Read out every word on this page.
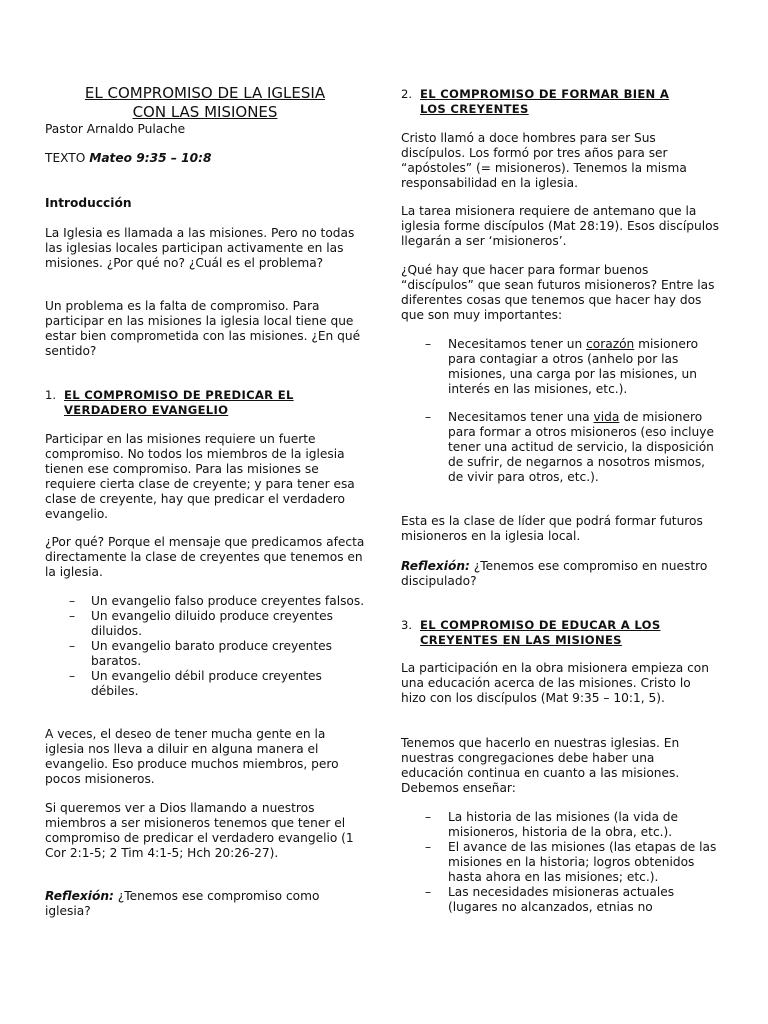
EL COMPROMISO DE LA IGLESIA
CON LAS MISIONES

Pastor Arnaldo Pulache

TEXTO Mateo 9:35 – 10:8

Introducción

La Iglesia es llamada a las misiones. Pero no todas las iglesias locales participan activamente en las misiones. ¿Por qué no? ¿Cuál es el problema?

Un problema es la falta de compromiso. Para participar en las misiones la iglesia local tiene que estar bien comprometida con las misiones. ¿En qué sentido?

1. EL COMPROMISO DE PREDICAR EL
VERDADERO EVANGELIO

Participar en las misiones requiere un fuerte compromiso. No todos los miembros de la iglesia tienen ese compromiso. Para las misiones se requiere cierta clase de creyente; y para tener esa clase de creyente, hay que predicar el verdadero evangelio.

¿Por qué? Porque el mensaje que predicamos afecta directamente la clase de creyentes que tenemos en la iglesia.

– Un evangelio falso produce creyentes falsos.
– Un evangelio diluido produce creyentes diluidos.
– Un evangelio barato produce creyentes baratos.
– Un evangelio débil produce creyentes débiles.

A veces, el deseo de tener mucha gente en la iglesia nos lleva a diluir en alguna manera el evangelio. Eso produce muchos miembros, pero pocos misioneros.

Si queremos ver a Dios llamando a nuestros miembros a ser misioneros tenemos que tener el compromiso de predicar el verdadero evangelio (1 Cor 2:1-5; 2 Tim 4:1-5; Hch 20:26-27).

Reflexión: ¿Tenemos ese compromiso como iglesia?

2. EL COMPROMISO DE FORMAR BIEN A
LOS CREYENTES

Cristo llamó a doce hombres para ser Sus discípulos. Los formó por tres años para ser “apóstoles” (= misioneros). Tenemos la misma responsabilidad en la iglesia.

La tarea misionera requiere de antemano que la iglesia forme discípulos (Mat 28:19). Esos discípulos llegarán a ser ‘misioneros’.

¿Qué hay que hacer para formar buenos “discípulos” que sean futuros misioneros? Entre las diferentes cosas que tenemos que hacer hay dos que son muy importantes:

– Necesitamos tener un corazón misionero para contagiar a otros (anhelo por las misiones, una carga por las misiones, un interés en las misiones, etc.).
– Necesitamos tener una vida de misionero para formar a otros misioneros (eso incluye tener una actitud de servicio, la disposición de sufrir, de negarnos a nosotros mismos, de vivir para otros, etc.).

Esta es la clase de líder que podrá formar futuros misioneros en la iglesia local.

Reflexión: ¿Tenemos ese compromiso en nuestro discipulado?

3. EL COMPROMISO DE EDUCAR A LOS
CREYENTES EN LAS MISIONES

La participación en la obra misionera empieza con una educación acerca de las misiones. Cristo lo hizo con los discípulos (Mat 9:35 – 10:1, 5).

Tenemos que hacerlo en nuestras iglesias. En nuestras congregaciones debe haber una educación continua en cuanto a las misiones. Debemos enseñar:

– La historia de las misiones (la vida de misioneros, historia de la obra, etc.).
– El avance de las misiones (las etapas de las misiones en la historia; logros obtenidos hasta ahora en las misiones; etc.).
– Las necesidades misioneras actuales (lugares no alcanzados, etnias no
